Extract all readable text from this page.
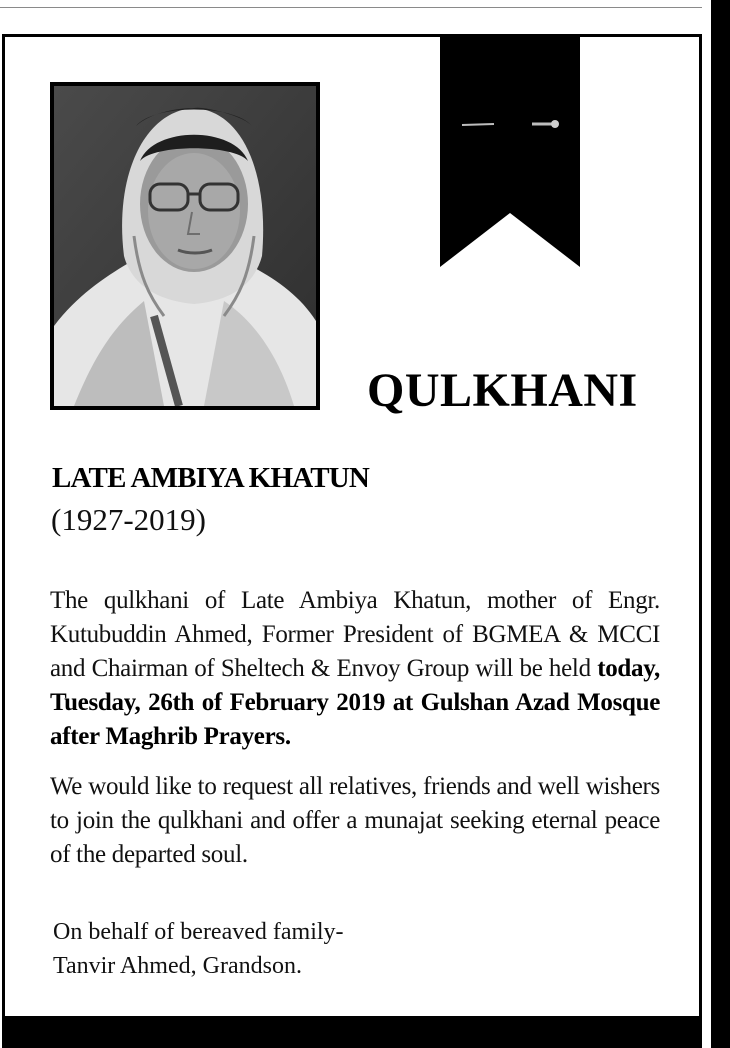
QULKHANI
LATE AMBIYA KHATUN
(1927-2019)

The qulkhani of Late Ambiya Khatun, mother of Engr. Kutubuddin Ahmed, Former President of BGMEA & MCCI and Chairman of Sheltech & Envoy Group will be held today, Tuesday, 26th of February 2019 at Gulshan Azad Mosque after Maghrib Prayers.

We would like to request all relatives, friends and well wishers to join the qulkhani and offer a munajat seeking eternal peace of the departed soul.

On behalf of bereaved family-
Tanvir Ahmed, Grandson.
